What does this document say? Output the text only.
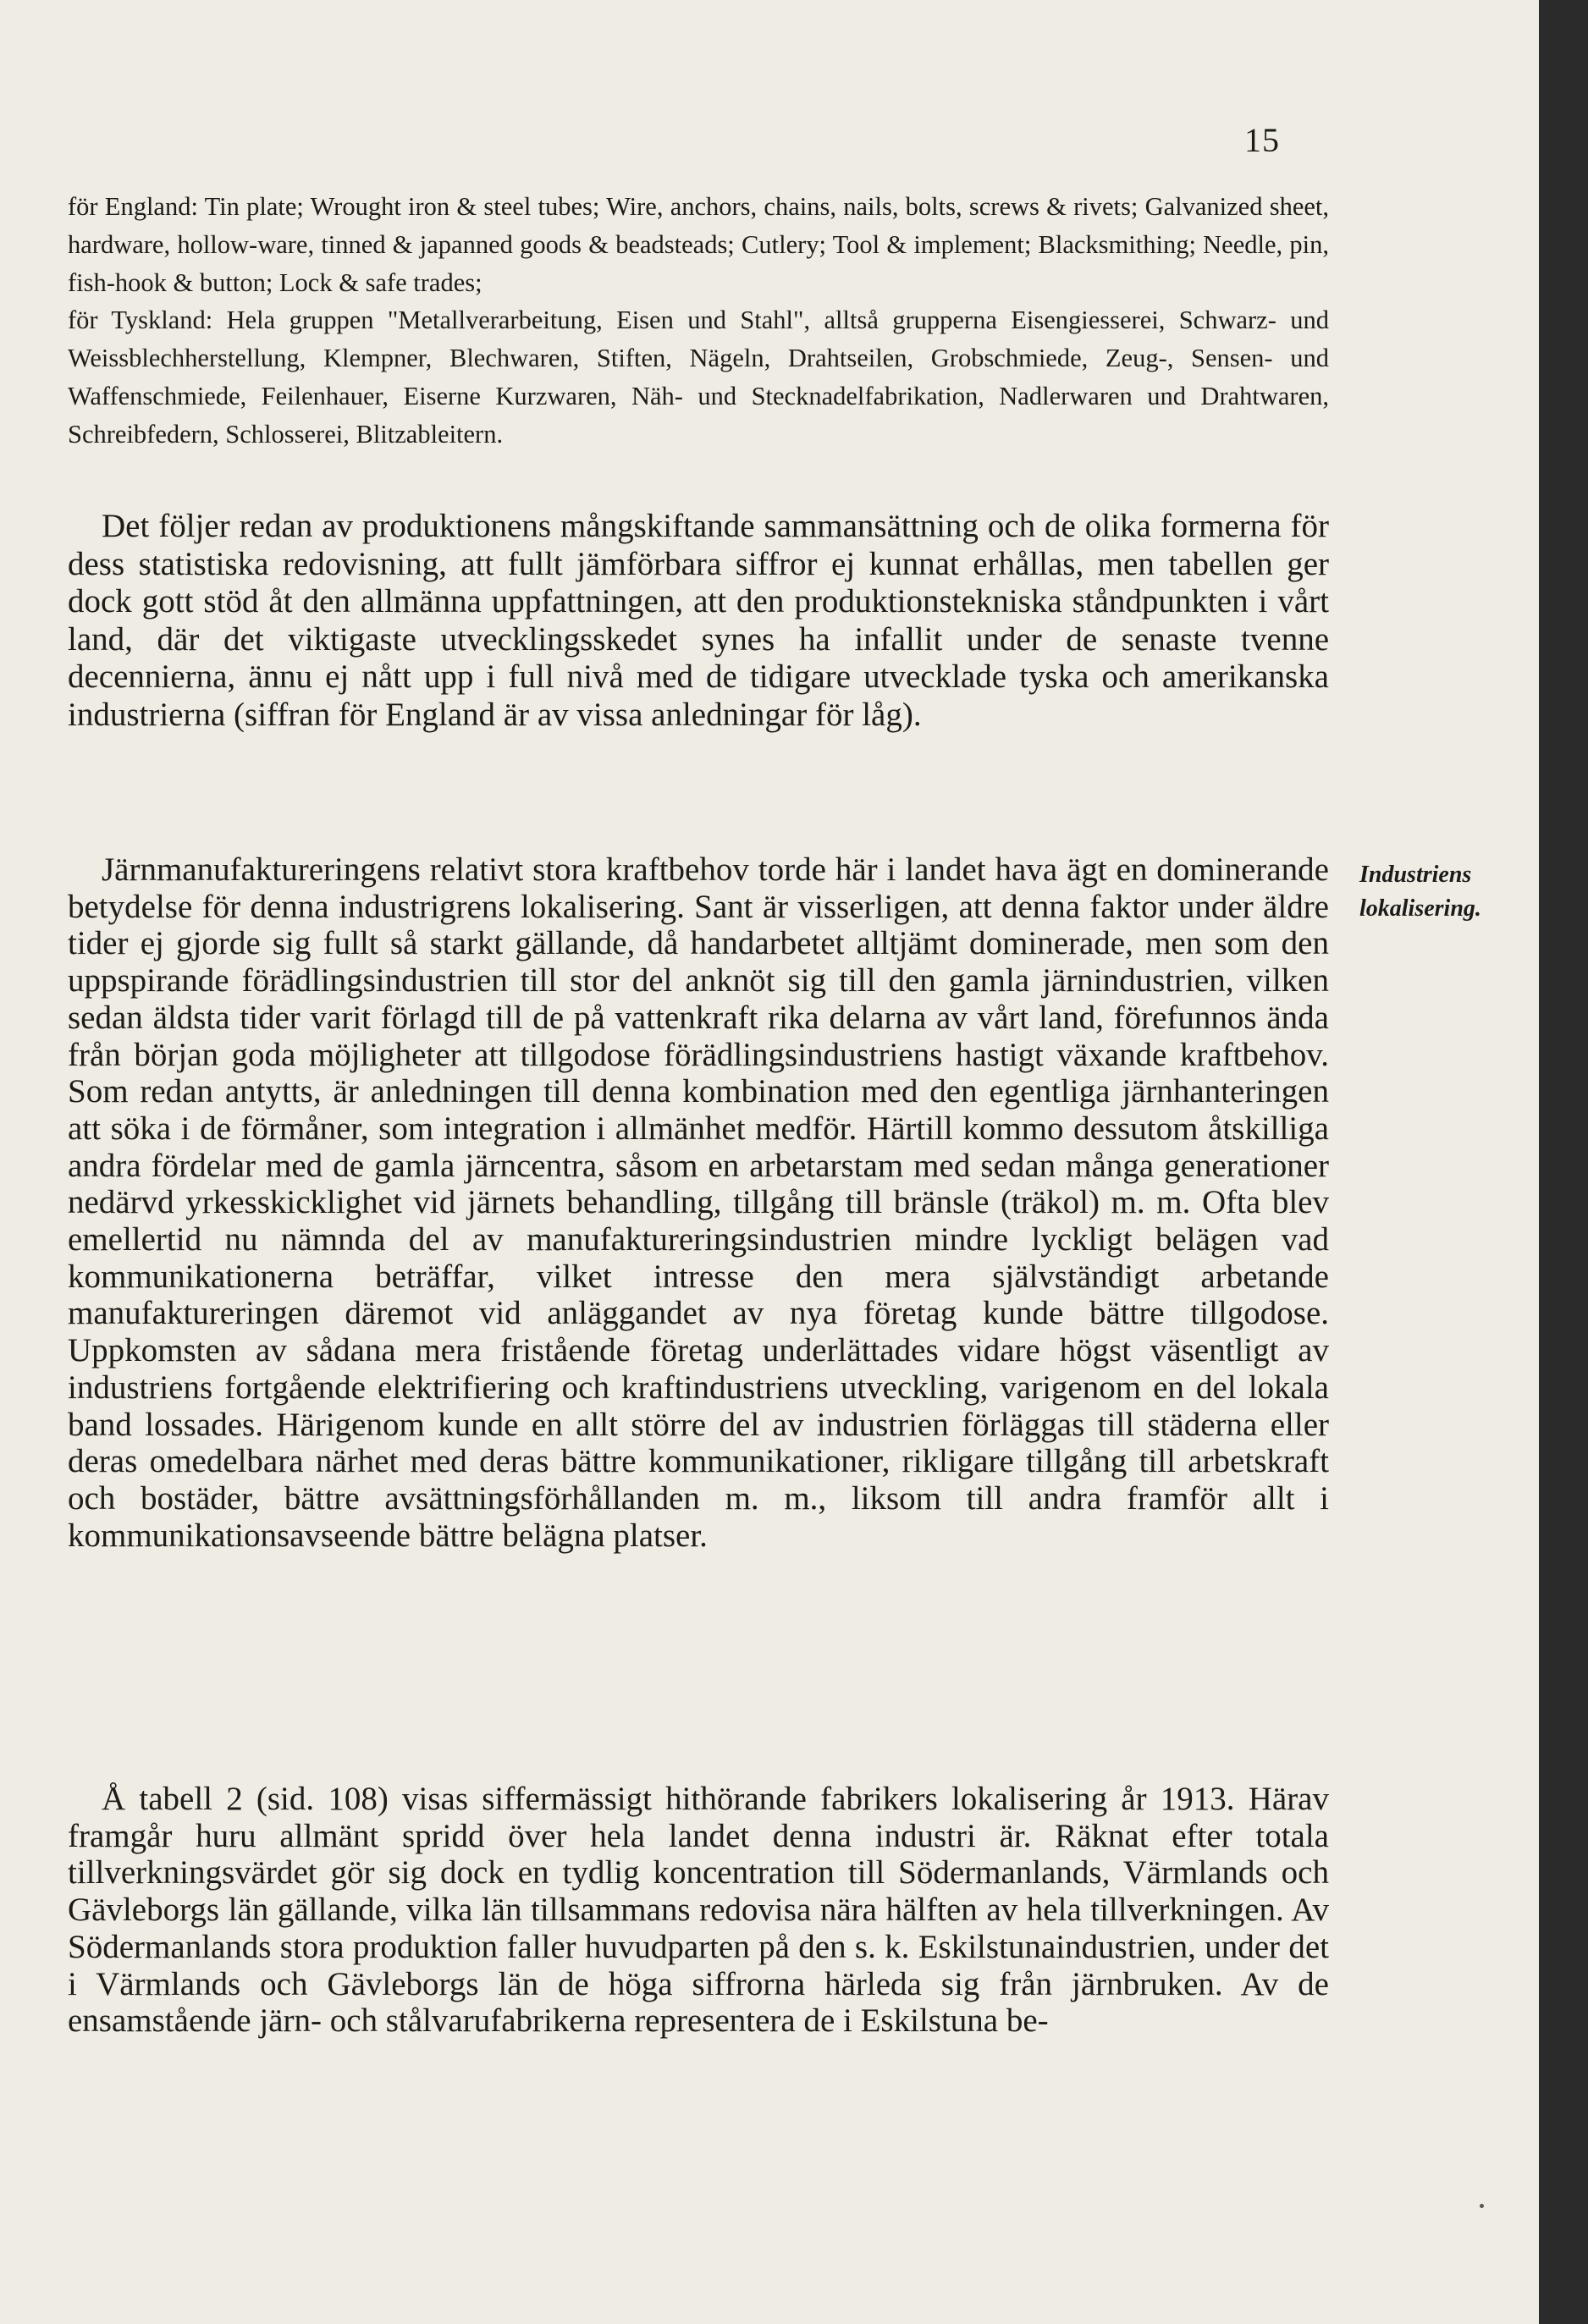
15

för England: Tin plate; Wrought iron & steel tubes; Wire, anchors, chains, nails, bolts, screws & rivets; Galvanized sheet, hardware, hollow-ware, tinned & japanned goods & beadsteads; Cutlery; Tool & implement; Blacksmithing; Needle, pin, fish-hook & button; Lock & safe trades;

för Tyskland: Hela gruppen "Metallverarbeitung, Eisen und Stahl", alltså grupperna Eisengiesserei, Schwarz- und Weissblechherstellung, Klempner, Blechwaren, Stiften, Nägeln, Drahtseilen, Grobschmiede, Zeug-, Sensen- und Waffenschmiede, Feilenhauer, Eiserne Kurzwaren, Näh- und Stecknadelfabrikation, Nadlerwaren und Drahtwaren, Schreibfedern, Schlosserei, Blitzableitern.

Det följer redan av produktionens mångskiftande sammansättning och de olika formerna för dess statistiska redovisning, att fullt jämförbara siffror ej kunnat erhållas, men tabellen ger dock gott stöd åt den allmänna uppfattningen, att den produktionstekniska ståndpunkten i vårt land, där det viktigaste utvecklingsskedet synes ha infallit under de senaste tvenne decennierna, ännu ej nått upp i full nivå med de tidigare utvecklade tyska och amerikanska industrierna (siffran för England är av vissa anledningar för låg).

Järnmanufaktureringens relativt stora kraftbehov torde här i landet hava ägt en dominerande betydelse för denna industrigrens lokalisering. Sant är visserligen, att denna faktor under äldre tider ej gjorde sig fullt så starkt gällande, då handarbetet alltjämt dominerade, men som den uppspirande förädlingsindustrien till stor del anknöt sig till den gamla järnindustrien, vilken sedan äldsta tider varit förlagd till de på vattenkraft rika delarna av vårt land, förefunnos ända från början goda möjligheter att tillgodose förädlingsindustriens hastigt växande kraftbehov. Som redan antytts, är anledningen till denna kombination med den egentliga järnhanteringen att söka i de förmåner, som integration i allmänhet medför. Härtill kommo dessutom åtskilliga andra fördelar med de gamla järncentra, såsom en arbetarstam med sedan många generationer nedärvd yrkesskicklighet vid järnets behandling, tillgång till bränsle (träkol) m. m. Ofta blev emellertid nu nämnda del av manufaktureringsindustrien mindre lyckligt belägen vad kommunikationerna beträffar, vilket intresse den mera självständigt arbetande manufaktureringen däremot vid anläggandet av nya företag kunde bättre tillgodose. Uppkomsten av sådana mera fristående företag underlättades vidare högst väsentligt av industriens fortgående elektrifiering och kraftindustriens utveckling, varigenom en del lokala band lossades. Härigenom kunde en allt större del av industrien förläggas till städerna eller deras omedelbara närhet med deras bättre kommunikationer, rikligare tillgång till arbetskraft och bostäder, bättre avsättningsförhållanden m. m., liksom till andra framför allt i kommunikationsavseende bättre belägna platser.

Å tabell 2 (sid. 108) visas siffermässigt hithörande fabrikers lokalisering år 1913. Härav framgår huru allmänt spridd över hela landet denna industri är. Räknat efter totala tillverkningsvärdet gör sig dock en tydlig koncentration till Södermanlands, Värmlands och Gävleborgs län gällande, vilka län tillsammans redovisa nära hälften av hela tillverkningen. Av Södermanlands stora produktion faller huvudparten på den s. k. Eskilstunaindustrien, under det i Värmlands och Gävleborgs län de höga siffrorna härleda sig från järnbruken. Av de ensamstående järn- och stålvarufabrikerna representera de i Eskilstuna be-

Industriens
lokalisering.
